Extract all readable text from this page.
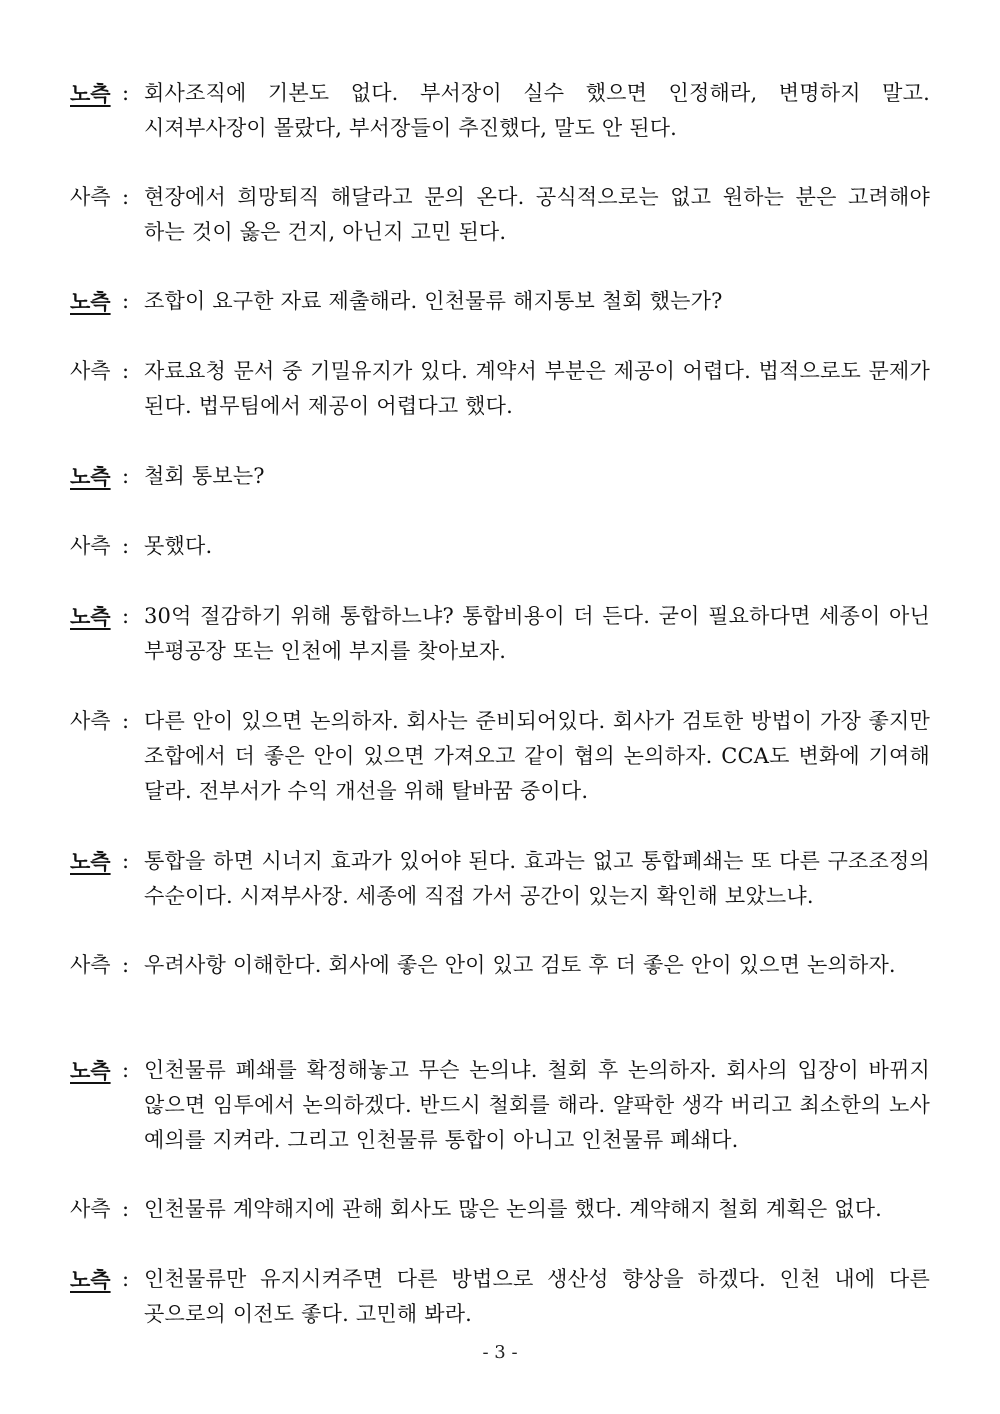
노측 : 회사조직에 기본도 없다. 부서장이 실수 했으면 인정해라, 변명하지 말고. 시져부사장이 몰랐다, 부서장들이 추진했다, 말도 안 된다.
사측 : 현장에서 희망퇴직 해달라고 문의 온다. 공식적으로는 없고 원하는 분은 고려해야 하는 것이 옳은 건지, 아닌지 고민 된다.
노측 : 조합이 요구한 자료 제출해라. 인천물류 해지통보 철회 했는가?
사측 : 자료요청 문서 중 기밀유지가 있다. 계약서 부분은 제공이 어렵다. 법적으로도 문제가 된다. 법무팀에서 제공이 어렵다고 했다.
노측 : 철회 통보는?
사측 : 못했다.
노측 : 30억 절감하기 위해 통합하느냐? 통합비용이 더 든다. 굳이 필요하다면 세종이 아닌 부평공장 또는 인천에 부지를 찾아보자.
사측 : 다른 안이 있으면 논의하자. 회사는 준비되어있다. 회사가 검토한 방법이 가장 좋지만 조합에서 더 좋은 안이 있으면 가져오고 같이 협의 논의하자. CCA도 변화에 기여해 달라. 전부서가 수익 개선을 위해 탈바꿈 중이다.
노측 : 통합을 하면 시너지 효과가 있어야 된다. 효과는 없고 통합폐쇄는 또 다른 구조조정의 수순이다. 시져부사장. 세종에 직접 가서 공간이 있는지 확인해 보았느냐.
사측 : 우려사항 이해한다. 회사에 좋은 안이 있고 검토 후 더 좋은 안이 있으면 논의하자.
노측 : 인천물류 폐쇄를 확정해놓고 무슨 논의냐. 철회 후 논의하자. 회사의 입장이 바뀌지 않으면 임투에서 논의하겠다. 반드시 철회를 해라. 얄팍한 생각 버리고 최소한의 노사 예의를 지켜라. 그리고 인천물류 통합이 아니고 인천물류 폐쇄다.
사측 : 인천물류 계약해지에 관해 회사도 많은 논의를 했다. 계약해지 철회 계획은 없다.
노측 : 인천물류만 유지시켜주면 다른 방법으로 생산성 향상을 하겠다. 인천 내에 다른 곳으로의 이전도 좋다. 고민해 봐라.
- 3 -
